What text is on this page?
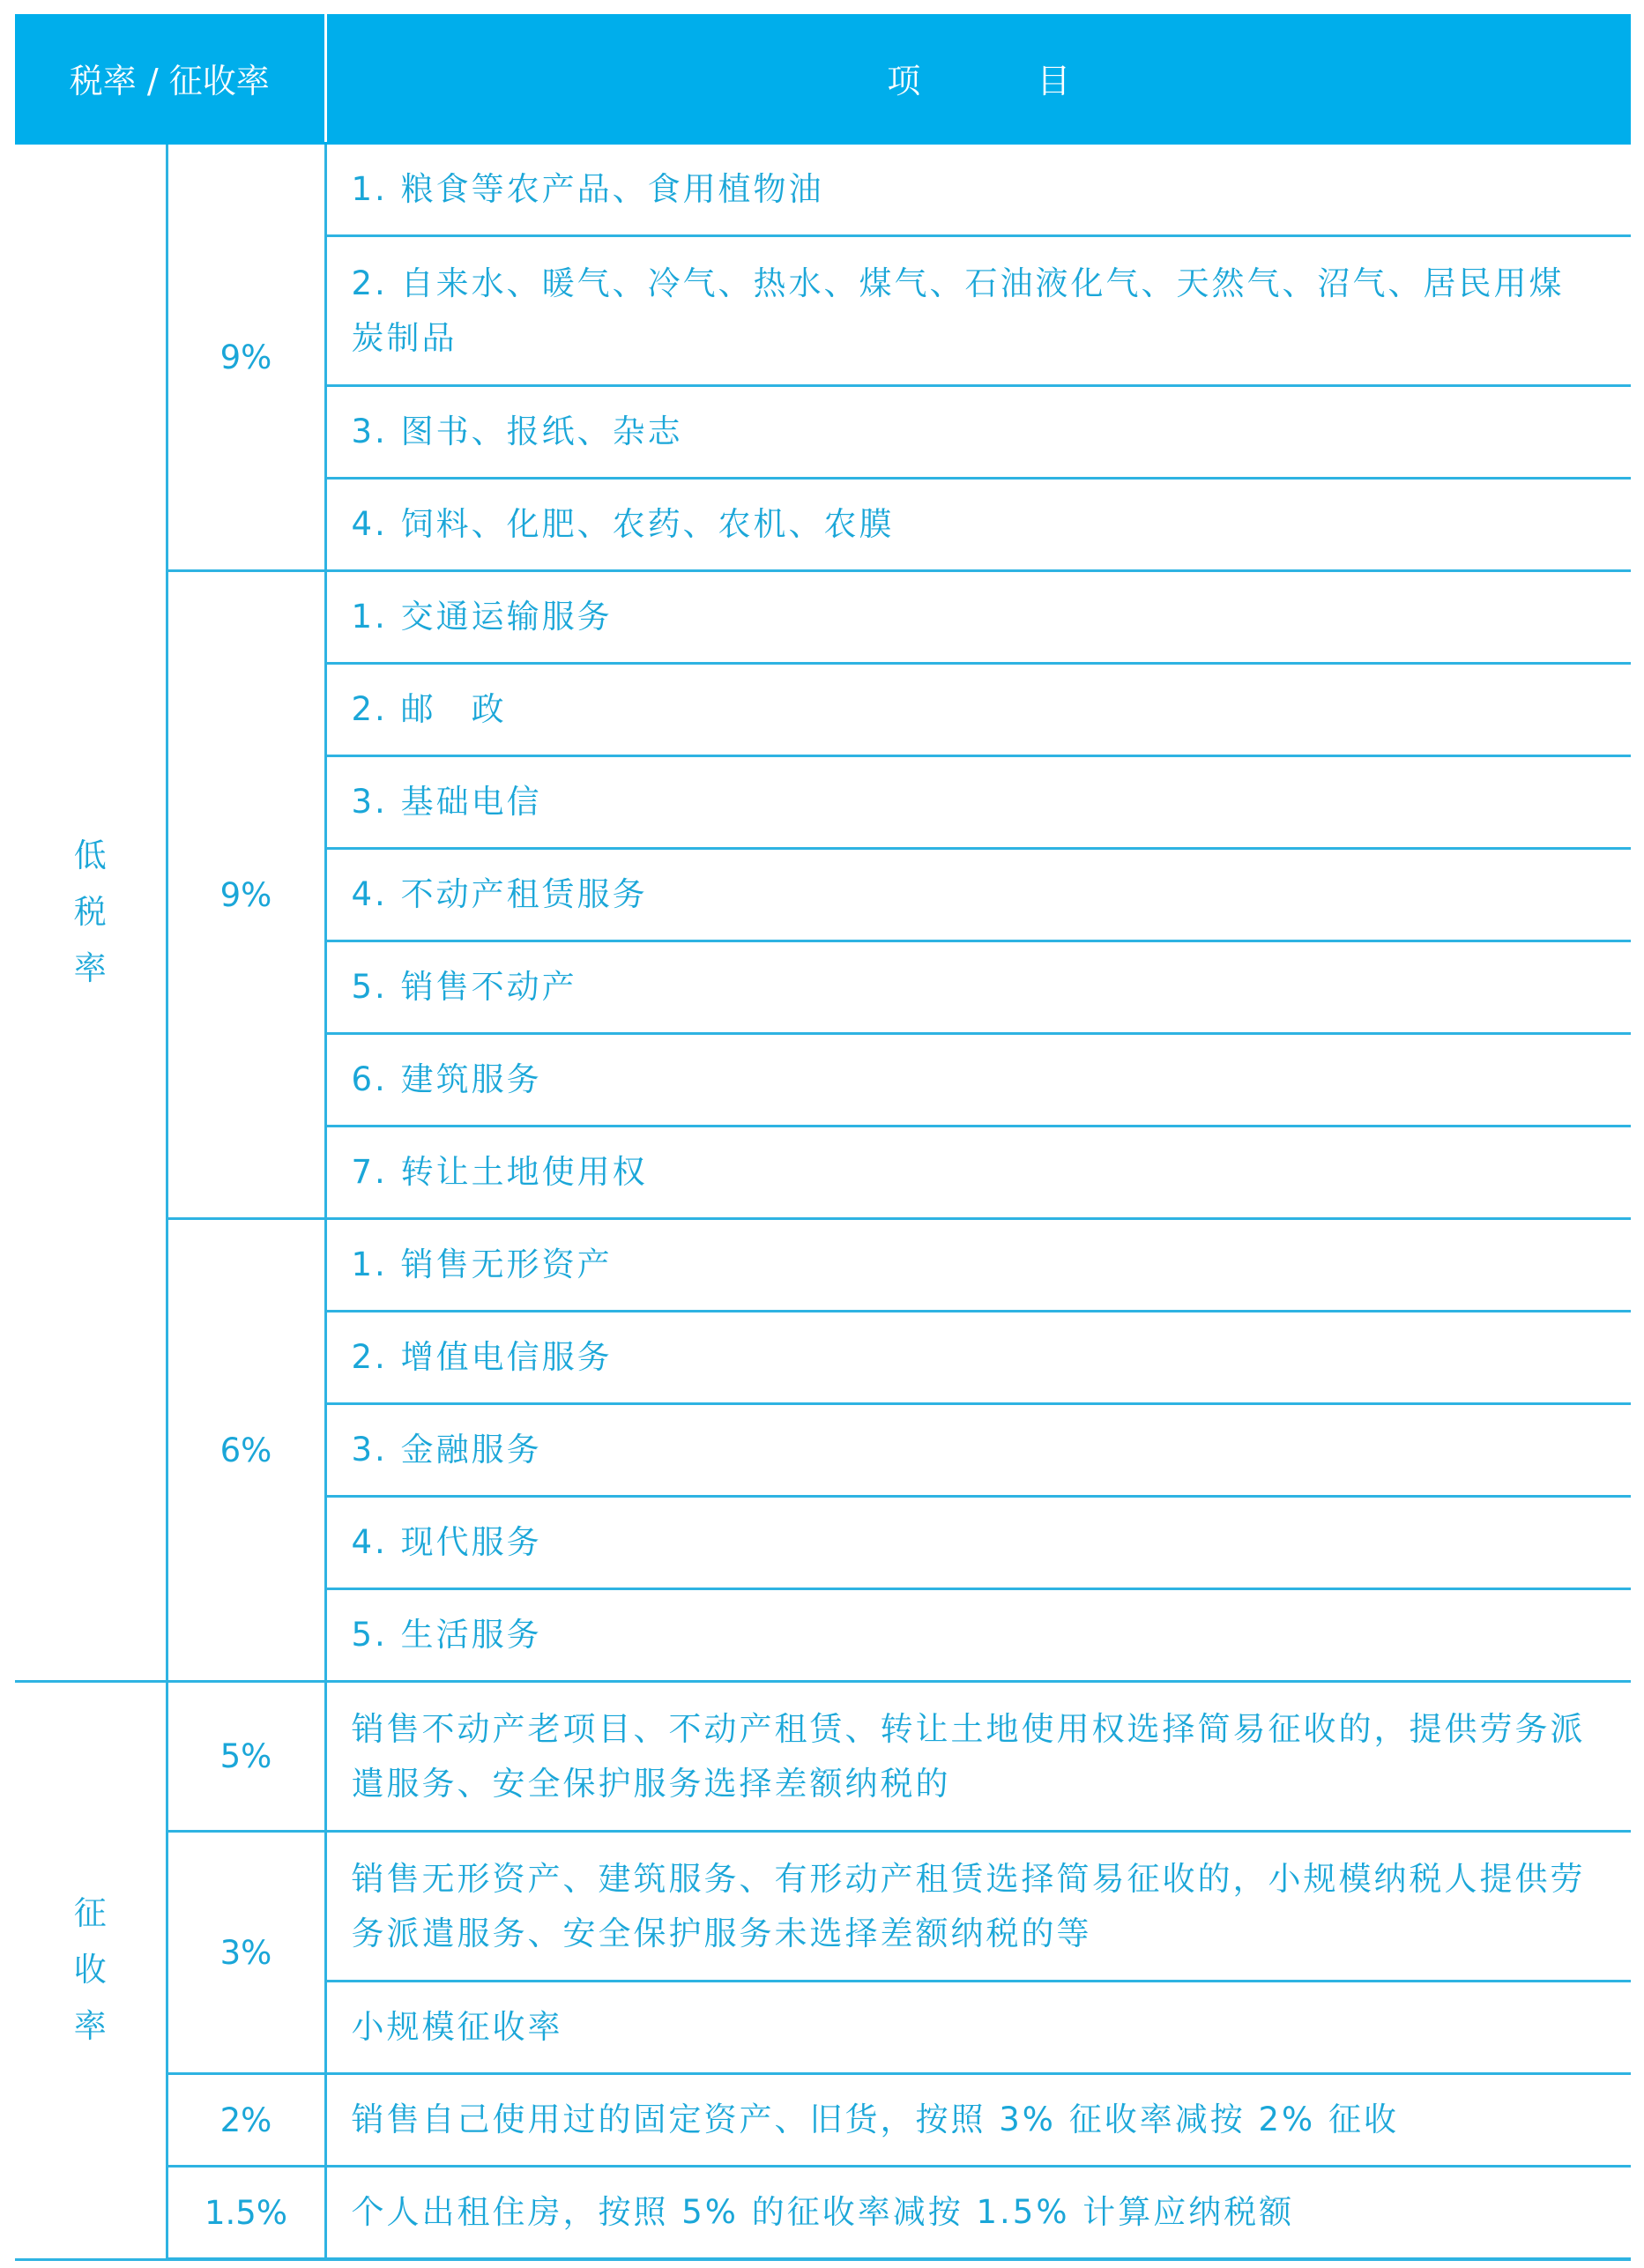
税率 / 征收率		项 目
低税率	9%	1. 粮食等农产品、食用植物油
		2. 自来水、暖气、冷气、热水、煤气、石油液化气、天然气、沼气、居民用煤炭制品
		3. 图书、报纸、杂志
		4. 饲料、化肥、农药、农机、农膜
	9%	1. 交通运输服务
		2. 邮　政
		3. 基础电信
		4. 不动产租赁服务
		5. 销售不动产
		6. 建筑服务
		7. 转让土地使用权
	6%	1. 销售无形资产
		2. 增值电信服务
		3. 金融服务
		4. 现代服务
		5. 生活服务
征收率	5%	销售不动产老项目、不动产租赁、转让土地使用权选择简易征收的，提供劳务派遣服务、安全保护服务选择差额纳税的
	3%	销售无形资产、建筑服务、有形动产租赁选择简易征收的，小规模纳税人提供劳务派遣服务、安全保护服务未选择差额纳税的等
		小规模征收率
	2%	销售自己使用过的固定资产、旧货，按照 3% 征收率减按 2% 征收
	1.5%	个人出租住房，按照 5% 的征收率减按 1.5% 计算应纳税额
